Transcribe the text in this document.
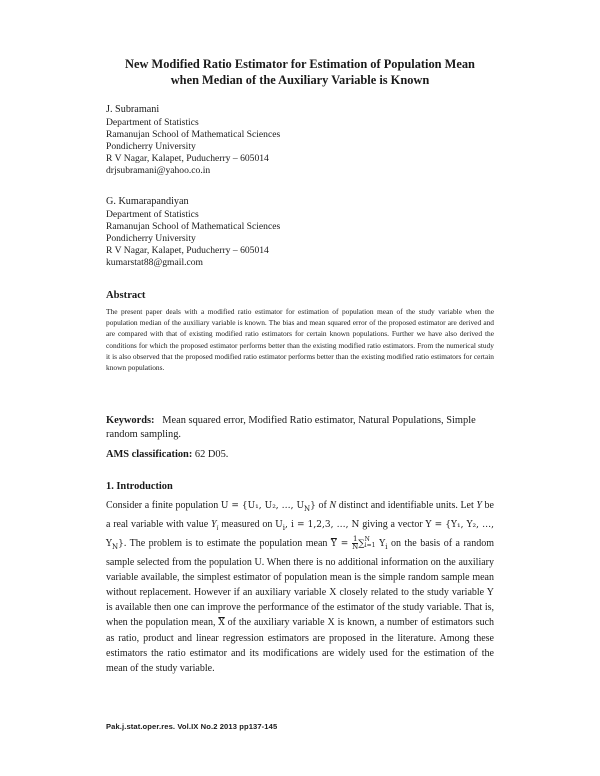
New Modified Ratio Estimator for Estimation of Population Mean
when Median of the Auxiliary Variable is Known
J. Subramani
Department of Statistics
Ramanujan School of Mathematical Sciences
Pondicherry University
R V Nagar, Kalapet, Puducherry – 605014
drjsubramani@yahoo.co.in
G. Kumarapandiyan
Department of Statistics
Ramanujan School of Mathematical Sciences
Pondicherry University
R V Nagar, Kalapet, Puducherry – 605014
kumarstat88@gmail.com
Abstract
The present paper deals with a modified ratio estimator for estimation of population mean of the study variable when the population median of the auxiliary variable is known. The bias and mean squared error of the proposed estimator are derived and are compared with that of existing modified ratio estimators for certain known populations. Further we have also derived the conditions for which the proposed estimator performs better than the existing modified ratio estimators. From the numerical study it is also observed that the proposed modified ratio estimator performs better than the existing modified ratio estimators for certain known populations.
Keywords: Mean squared error, Modified Ratio estimator, Natural Populations, Simple random sampling.
AMS classification: 62 D05.
1. Introduction
Consider a finite population U = {U₁, U₂, …, $U_N$} of N distinct and identifiable units. Let Y be a real variable with value $Y_i$ measured on $U_i$, i = 1,2,3, …, N giving a vector Y = {Y₁, Y₂, …, $Y_N$}. The problem is to estimate the population mean $\overline{Y} = \frac{1}{N}$ ∑ N
i=1 $Y_i$ on the basis of a random sample selected from the population U. When there is no additional information on the auxiliary variable available, the simplest estimator of population mean is the simple random sample mean without replacement. However if an auxiliary variable X closely related to the study variable Y is available then one can improve the performance of the estimator of the study variable. That is, when the population mean, $\overline{X}$ of the auxiliary variable X is known, a number of estimators such as ratio, product and linear regression estimators are proposed in the literature. Among these estimators the ratio estimator and its modifications are widely used for the estimation of the mean of the study variable.
Pak.j.stat.oper.res. Vol.IX No.2 2013 pp137-145
